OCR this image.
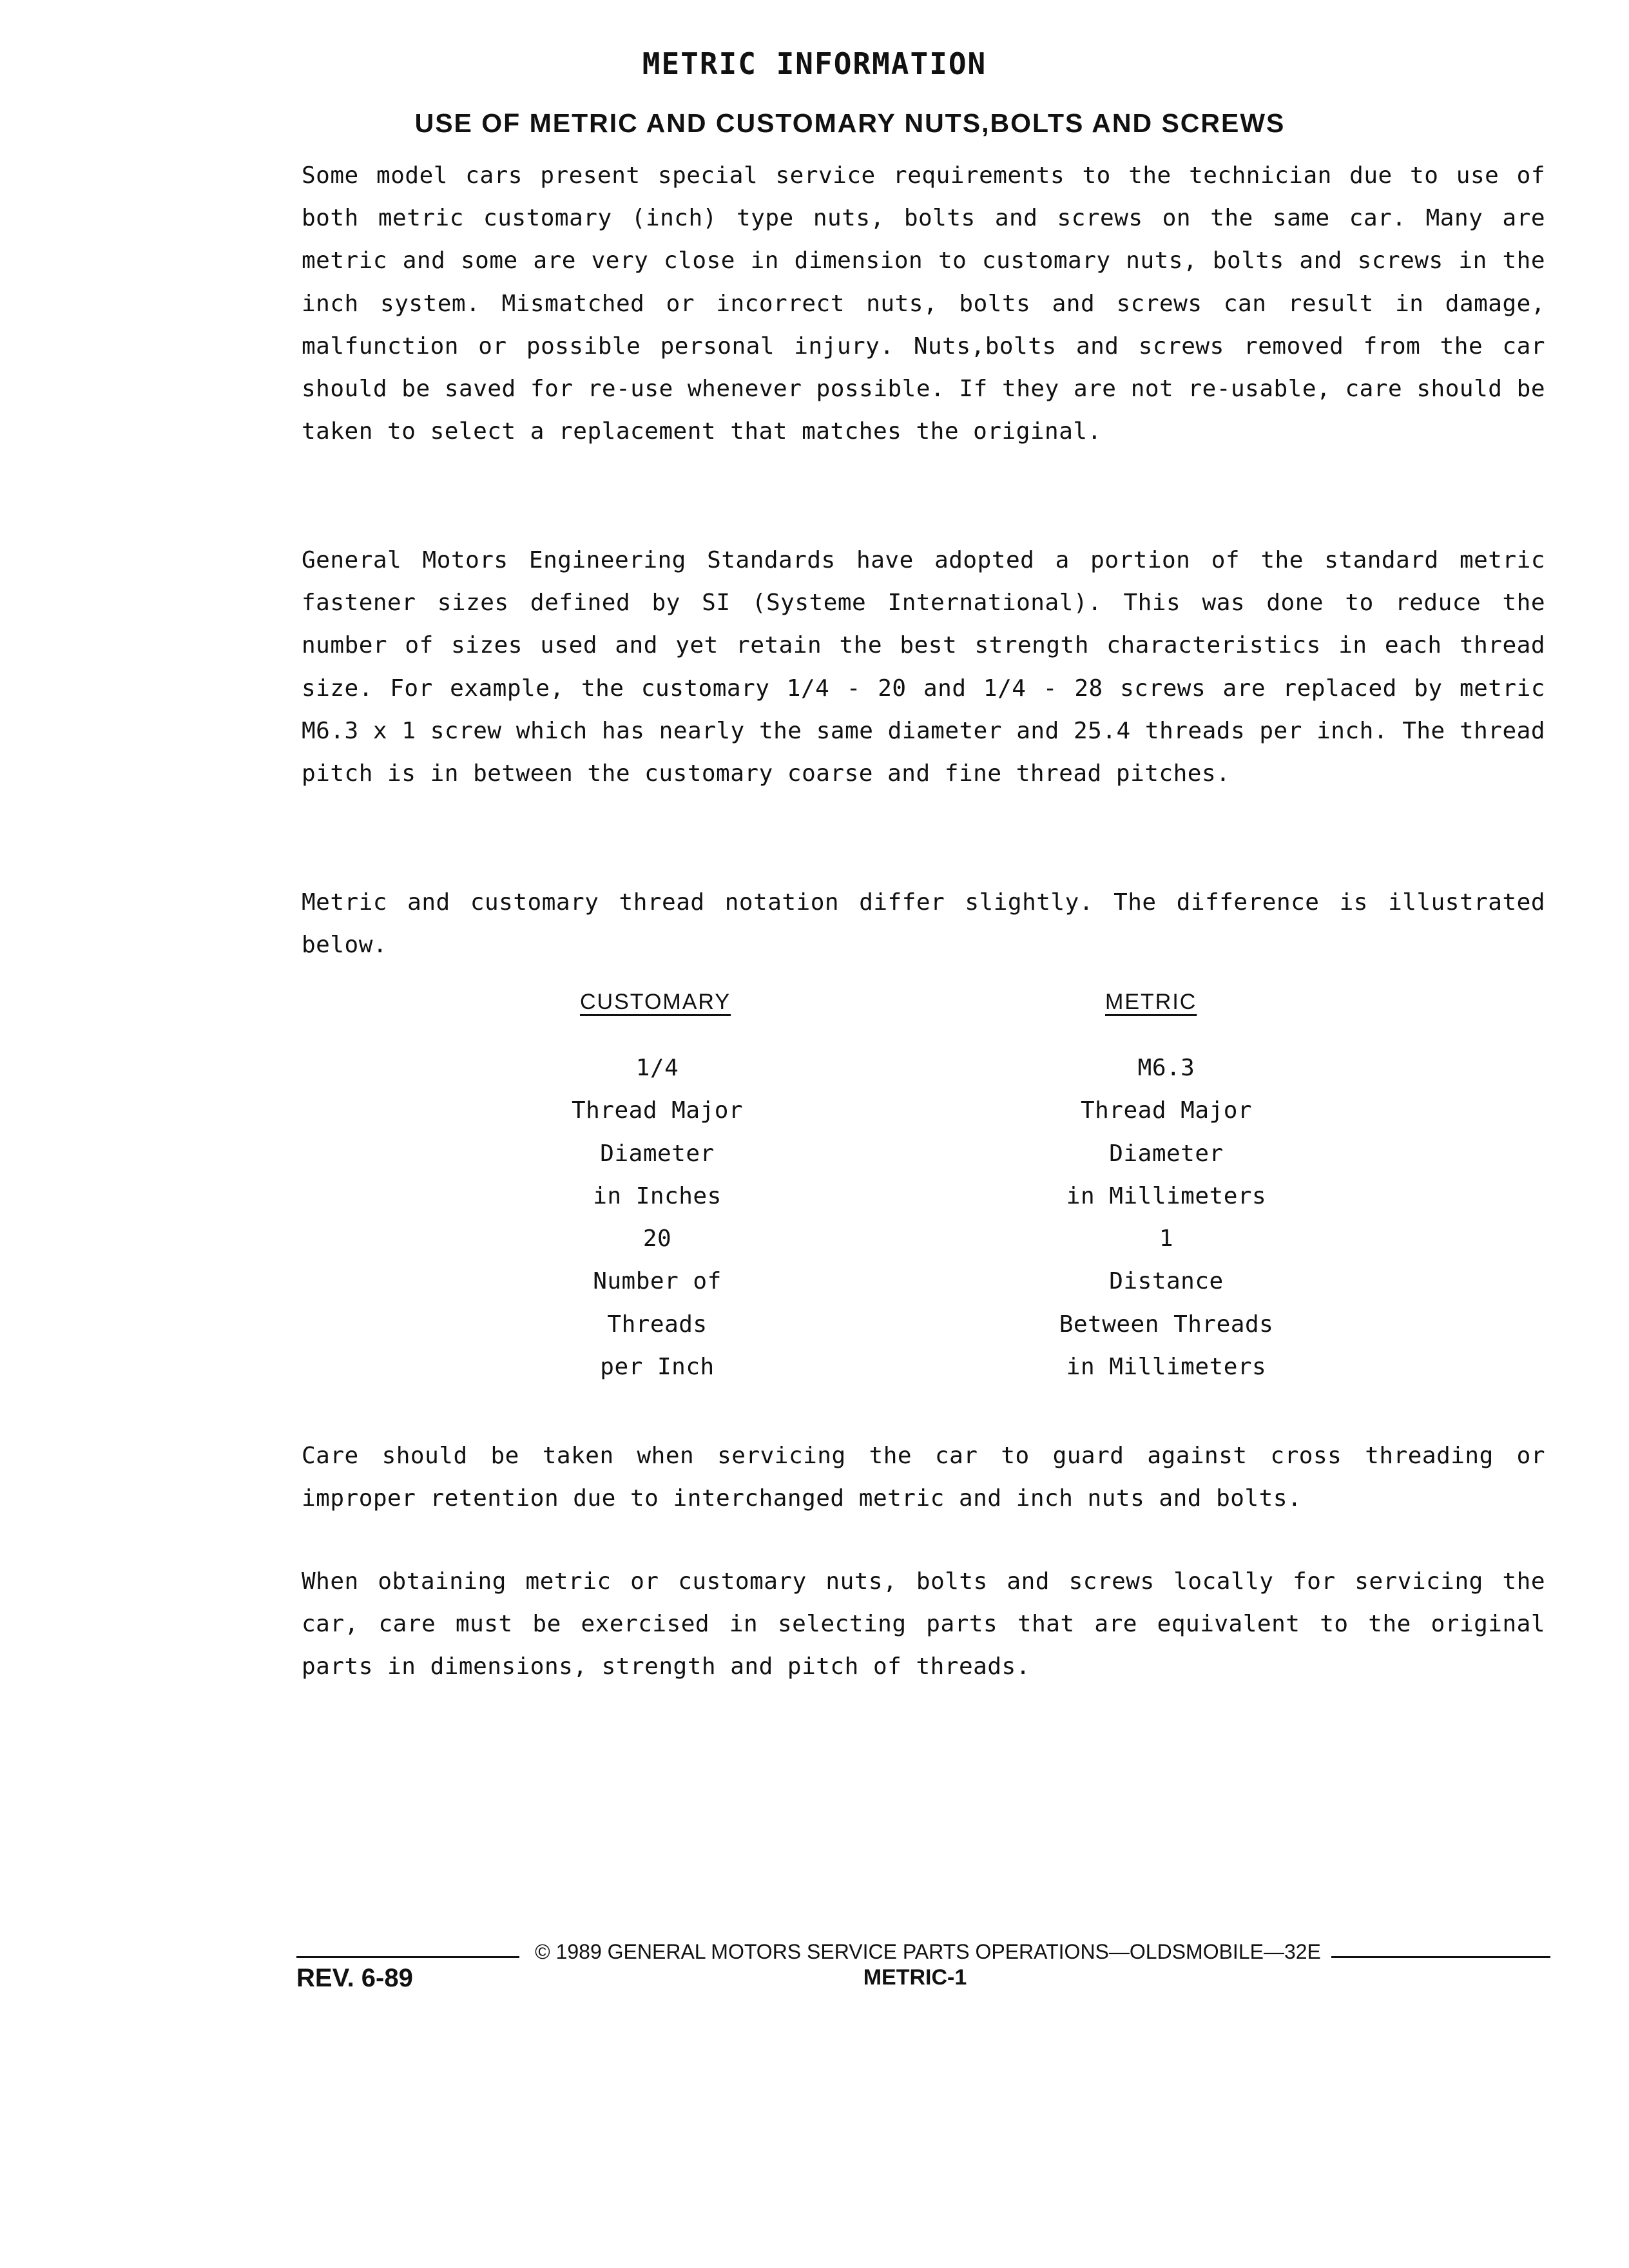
METRIC INFORMATION
USE OF METRIC AND CUSTOMARY NUTS,BOLTS AND SCREWS

Some model cars present special service requirements to the technician due to use of both metric customary (inch) type nuts, bolts and screws on the same car. Many are metric and some are very close in dimension to customary nuts, bolts and screws in the inch system. Mismatched or incorrect nuts, bolts and screws can result in damage, malfunction or possible personal injury. Nuts,bolts and screws removed from the car should be saved for re-use whenever possible. If they are not re-usable, care should be taken to select a replacement that matches the original.

General Motors Engineering Standards have adopted a portion of the standard metric fastener sizes defined by SI (Systeme International). This was done to reduce the number of sizes used and yet retain the best strength characteristics in each thread size. For example, the customary 1/4 - 20 and 1/4 - 28 screws are replaced by metric M6.3 x 1 screw which has nearly the same diameter and 25.4 threads per inch. The thread pitch is in between the customary coarse and fine thread pitches.

Metric and customary thread notation differ slightly. The difference is illustrated below.

CUSTOMARY	METRIC
1/4
Thread Major
Diameter
in Inches
20
Number of
Threads
per Inch
M6.3
Thread Major
Diameter
in Millimeters
1
Distance
Between Threads
in Millimeters

Care should be taken when servicing the car to guard against cross threading or improper retention due to interchanged metric and inch nuts and bolts.

When obtaining metric or customary nuts, bolts and screws locally for servicing the car, care must be exercised in selecting parts that are equivalent to the original parts in dimensions, strength and pitch of threads.

© 1989 GENERAL MOTORS SERVICE PARTS OPERATIONS—OLDSMOBILE—32E
REV. 6-89	METRIC-1
